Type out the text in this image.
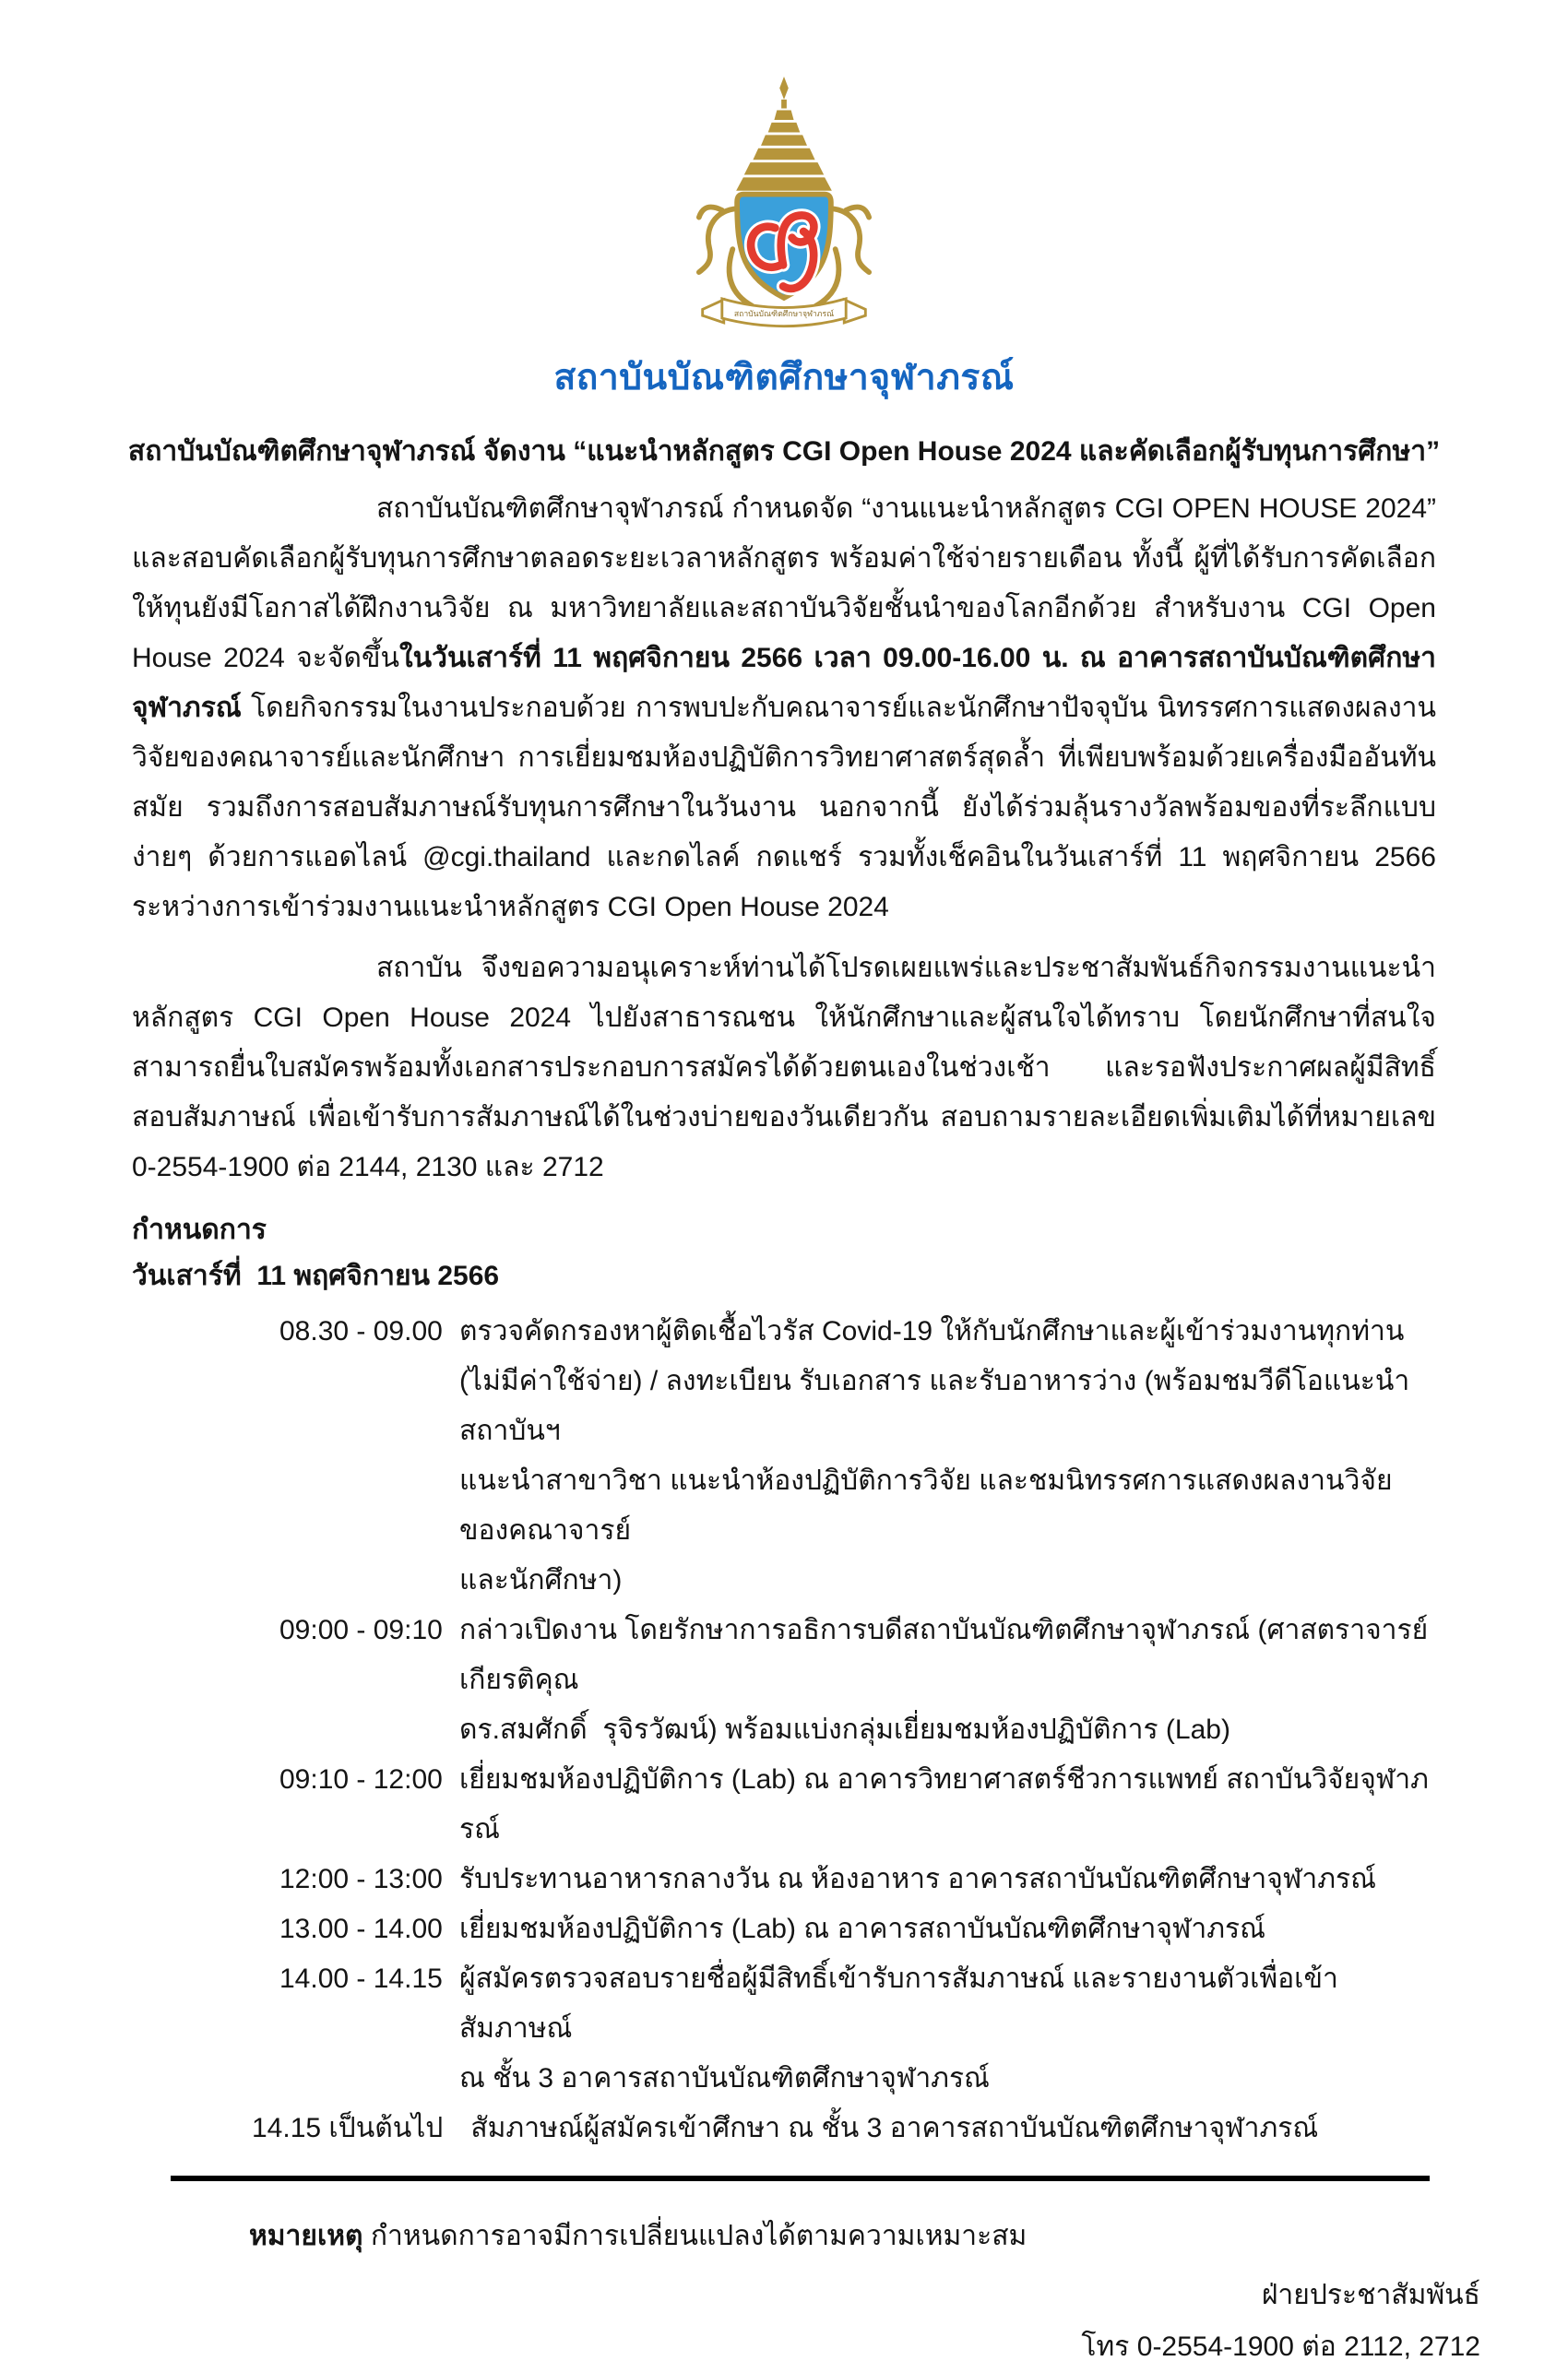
สถาบันบัณฑิตศึกษาจุฬาภรณ์
สถาบันบัณฑิตศึกษาจุฬาภรณ์
สถาบันบัณฑิตศึกษาจุฬาภรณ์ จัดงาน “แนะนำหลักสูตร CGI Open House 2024 และคัดเลือกผู้รับทุนการศึกษา”

สถาบันบัณฑิตศึกษาจุฬาภรณ์ กำหนดจัด “งานแนะนำหลักสูตร CGI OPEN HOUSE 2024” และสอบคัดเลือกผู้รับทุนการศึกษาตลอดระยะเวลาหลักสูตร พร้อมค่าใช้จ่ายรายเดือน ทั้งนี้ ผู้ที่ได้รับการคัดเลือกให้ทุนยังมีโอกาสได้ฝึกงานวิจัย ณ มหาวิทยาลัยและสถาบันวิจัยชั้นนำของโลกอีกด้วย สำหรับงาน CGI Open House 2024 จะจัดขึ้นในวันเสาร์ที่ 11 พฤศจิกายน 2566 เวลา 09.00-16.00 น. ณ อาคารสถาบันบัณฑิตศึกษาจุฬาภรณ์ โดยกิจกรรมในงานประกอบด้วย การพบปะกับคณาจารย์และนักศึกษาปัจจุบัน นิทรรศการแสดงผลงานวิจัยของคณาจารย์และนักศึกษา การเยี่ยมชมห้องปฏิบัติการวิทยาศาสตร์สุดล้ำ ที่เพียบพร้อมด้วยเครื่องมืออันทันสมัย รวมถึงการสอบสัมภาษณ์รับทุนการศึกษาในวันงาน นอกจากนี้ ยังได้ร่วมลุ้นรางวัลพร้อมของที่ระลึกแบบง่ายๆ ด้วยการแอดไลน์ @cgi.thailand และกดไลค์ กดแชร์ รวมทั้งเช็คอินในวันเสาร์ที่ 11 พฤศจิกายน 2566 ระหว่างการเข้าร่วมงานแนะนำหลักสูตร CGI Open House 2024

สถาบัน จึงขอความอนุเคราะห์ท่านได้โปรดเผยแพร่และประชาสัมพันธ์กิจกรรมงานแนะนำหลักสูตร CGI Open House 2024 ไปยังสาธารณชน ให้นักศึกษาและผู้สนใจได้ทราบ โดยนักศึกษาที่สนใจสามารถยื่นใบสมัครพร้อมทั้งเอกสารประกอบการสมัครได้ด้วยตนเองในช่วงเช้า และรอฟังประกาศผลผู้มีสิทธิ์สอบสัมภาษณ์ เพื่อเข้ารับการสัมภาษณ์ได้ในช่วงบ่ายของวันเดียวกัน สอบถามรายละเอียดเพิ่มเติมได้ที่หมายเลข 0-2554-1900 ต่อ 2144, 2130 และ 2712

กำหนดการ
วันเสาร์ที่  11 พฤศจิกายน 2566
08.30 - 09.00 ตรวจคัดกรองหาผู้ติดเชื้อไวรัส Covid-19 ให้กับนักศึกษาและผู้เข้าร่วมงานทุกท่าน
(ไม่มีค่าใช้จ่าย) / ลงทะเบียน รับเอกสาร และรับอาหารว่าง (พร้อมชมวีดีโอแนะนำสถาบันฯ
แนะนำสาขาวิชา แนะนำห้องปฏิบัติการวิจัย และชมนิทรรศการแสดงผลงานวิจัยของคณาจารย์
และนักศึกษา)
09:00 - 09:10 กล่าวเปิดงาน โดยรักษาการอธิการบดีสถาบันบัณฑิตศึกษาจุฬาภรณ์ (ศาสตราจารย์เกียรติคุณ
ดร.สมศักดิ์  รุจิรวัฒน์) พร้อมแบ่งกลุ่มเยี่ยมชมห้องปฏิบัติการ (Lab)
09:10 - 12:00 เยี่ยมชมห้องปฏิบัติการ (Lab) ณ อาคารวิทยาศาสตร์ชีวการแพทย์ สถาบันวิจัยจุฬาภรณ์
12:00 - 13:00 รับประทานอาหารกลางวัน ณ ห้องอาหาร อาคารสถาบันบัณฑิตศึกษาจุฬาภรณ์
13.00 - 14.00 เยี่ยมชมห้องปฏิบัติการ (Lab) ณ อาคารสถาบันบัณฑิตศึกษาจุฬาภรณ์
14.00 - 14.15 ผู้สมัครตรวจสอบรายชื่อผู้มีสิทธิ์เข้ารับการสัมภาษณ์ และรายงานตัวเพื่อเข้าสัมภาษณ์
ณ ชั้น 3 อาคารสถาบันบัณฑิตศึกษาจุฬาภรณ์
14.15 เป็นต้นไป สัมภาษณ์ผู้สมัครเข้าศึกษา ณ ชั้น 3 อาคารสถาบันบัณฑิตศึกษาจุฬาภรณ์
หมายเหตุ กำหนดการอาจมีการเปลี่ยนแปลงได้ตามความเหมาะสม
ฝ่ายประชาสัมพันธ์
โทร 0-2554-1900 ต่อ 2112, 2712
